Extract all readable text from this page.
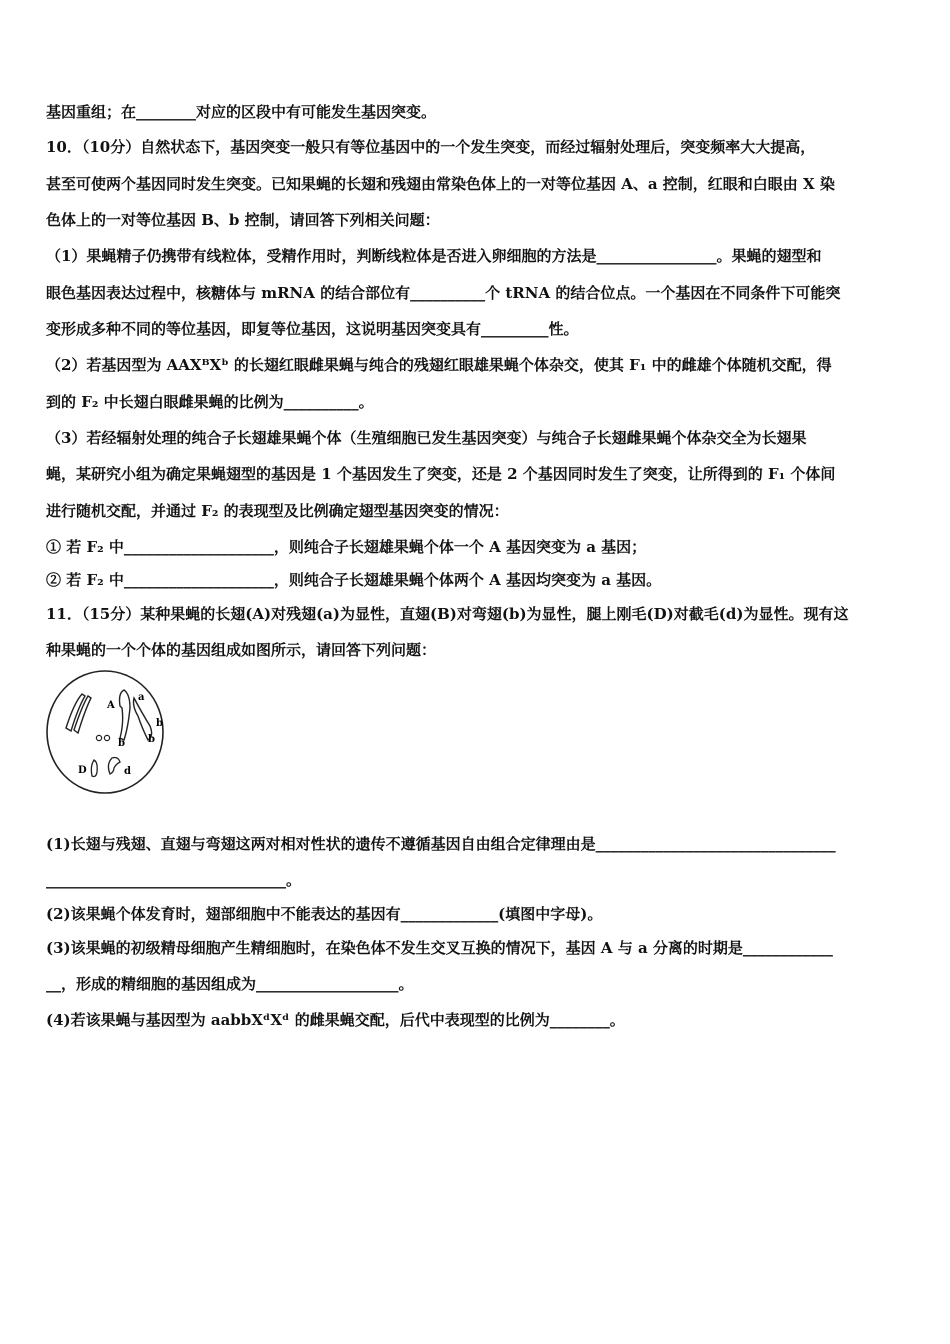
基因重组；在________对应的区段中有可能发生基因突变。
10．（10分）自然状态下，基因突变一般只有等位基因中的一个发生突变，而经过辐射处理后，突变频率大大提高，
甚至可使两个基因同时发生突变。已知果蝇的长翅和残翅由常染色体上的一对等位基因 A、a 控制，红眼和白眼由 X 染
色体上的一对等位基因 B、b 控制，请回答下列相关问题：
（1）果蝇精子仍携带有线粒体，受精作用时，判断线粒体是否进入卵细胞的方法是________________。果蝇的翅型和
眼色基因表达过程中，核糖体与 mRNA 的结合部位有__________个 tRNA 的结合位点。一个基因在不同条件下可能突
变形成多种不同的等位基因，即复等位基因，这说明基因突变具有_________性。
（2）若基因型为 AAXᴮXᵇ 的长翅红眼雌果蝇与纯合的残翅红眼雄果蝇个体杂交，使其 F₁ 中的雌雄个体随机交配，得
到的 F₂ 中长翅白眼雌果蝇的比例为__________。
（3）若经辐射处理的纯合子长翅雄果蝇个体（生殖细胞已发生基因突变）与纯合子长翅雌果蝇个体杂交全为长翅果
蝇，某研究小组为确定果蝇翅型的基因是 1 个基因发生了突变，还是 2 个基因同时发生了突变，让所得到的 F₁ 个体间
进行随机交配，并通过 F₂ 的表现型及比例确定翅型基因突变的情况：
① 若 F₂ 中____________________，则纯合子长翅雄果蝇个体一个 A 基因突变为 a 基因；
② 若 F₂ 中____________________，则纯合子长翅雄果蝇个体两个 A 基因均突变为 a 基因。
11．（15分）某种果蝇的长翅(A)对残翅(a)为显性，直翅(B)对弯翅(b)为显性，腿上刚毛(D)对截毛(d)为显性。现有这
种果蝇的一个个体的基因组成如图所示，请回答下列问题：
A
a
b
b b
D	d
(1)长翅与残翅、直翅与弯翅这两对相对性状的遗传不遵循基因自由组合定律理由是________________________________
________________________________。
(2)该果蝇个体发育时，翅部细胞中不能表达的基因有_____________(填图中字母)。
(3)该果蝇的初级精母细胞产生精细胞时，在染色体不发生交叉互换的情况下，基因 A 与 a 分离的时期是____________
__，形成的精细胞的基因组成为___________________。
(4)若该果蝇与基因型为 aabbXᵈXᵈ 的雌果蝇交配，后代中表现型的比例为________。
